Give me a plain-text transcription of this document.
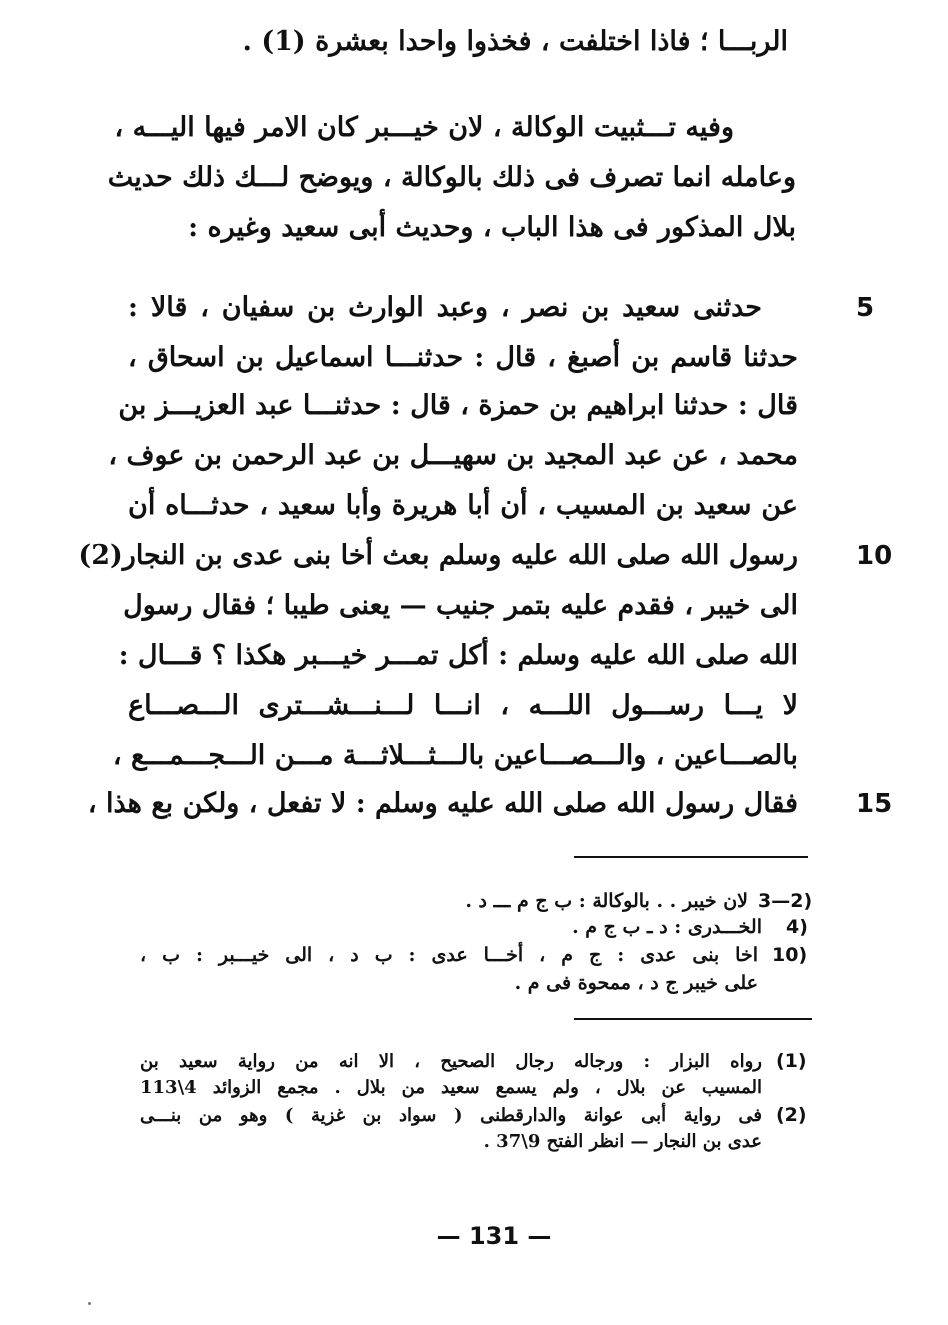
الربـــا ؛ فاذا اختلفت ، فخذوا واحدا بعشرة (1) .
وفيه تـــثبيت الوكالة ، لان خيـــبر كان الامر فيها اليـــه ،
وعامله انما تصرف فى ذلك بالوكالة ، ويوضح لـــك ذلك حديث
بلال المذكور فى هذا الباب ، وحديث أبى سعيد وغيره :
حدثنى سعيد بن نصر ، وعبد الوارث بن سفيان ، قالا :	5
حدثنا قاسم بن أصبغ ، قال : حدثنـــا اسماعيل بن اسحاق ،
قال : حدثنا ابراهيم بن حمزة ، قال : حدثنـــا عبد العزيـــز بن
محمد ، عن عبد المجيد بن سهيـــل بن عبد الرحمن بن عوف ،
عن سعيد بن المسيب ، أن أبا هريرة وأبا سعيد ، حدثـــاه أن
رسول الله صلى الله عليه وسلم بعث أخا بنى عدى بن النجار(2) 10
الى خيبر ، فقدم عليه بتمر جنيب — يعنى طيبا ؛ فقال رسول
الله صلى الله عليه وسلم : أكل تمـــر خيـــبر هكذا ؟ قـــال :
لا يـــا رســـول اللـــه ، انـــا لـــنـــشـــترى الـــصـــاع
بالصـــاعين ، والـــصـــاعين بالـــثـــلاثـــة مـــن الـــجـــمـــع ،
فقال رسول الله صلى الله عليه وسلم : لا تفعل ، ولكن بع هذا ، 15
3—2)
لان خيبر . . بالوكالة : ب ج م ـــ د .
4)
الخـــدرى : د ـ ب ج م .
10)
اخا بنى عدى : ج م ، أخـــا عدى : ب د ، الى خيـــبر : ب ،
على خيبر ج د ، ممحوة فى م .
(1)
رواه البزار : ورجاله رجال الصحيح ، الا انه من رواية سعيد بن
المسيب عن بلال ، ولم يسمع سعيد من بلال . مجمع الزوائد 4\113
(2)
فى رواية أبى عوانة والدارقطنى ( سواد بن غزية ) وهو من بنـــى
عدى بن النجار — انظر الفتح 9\37 .
— 131 —
